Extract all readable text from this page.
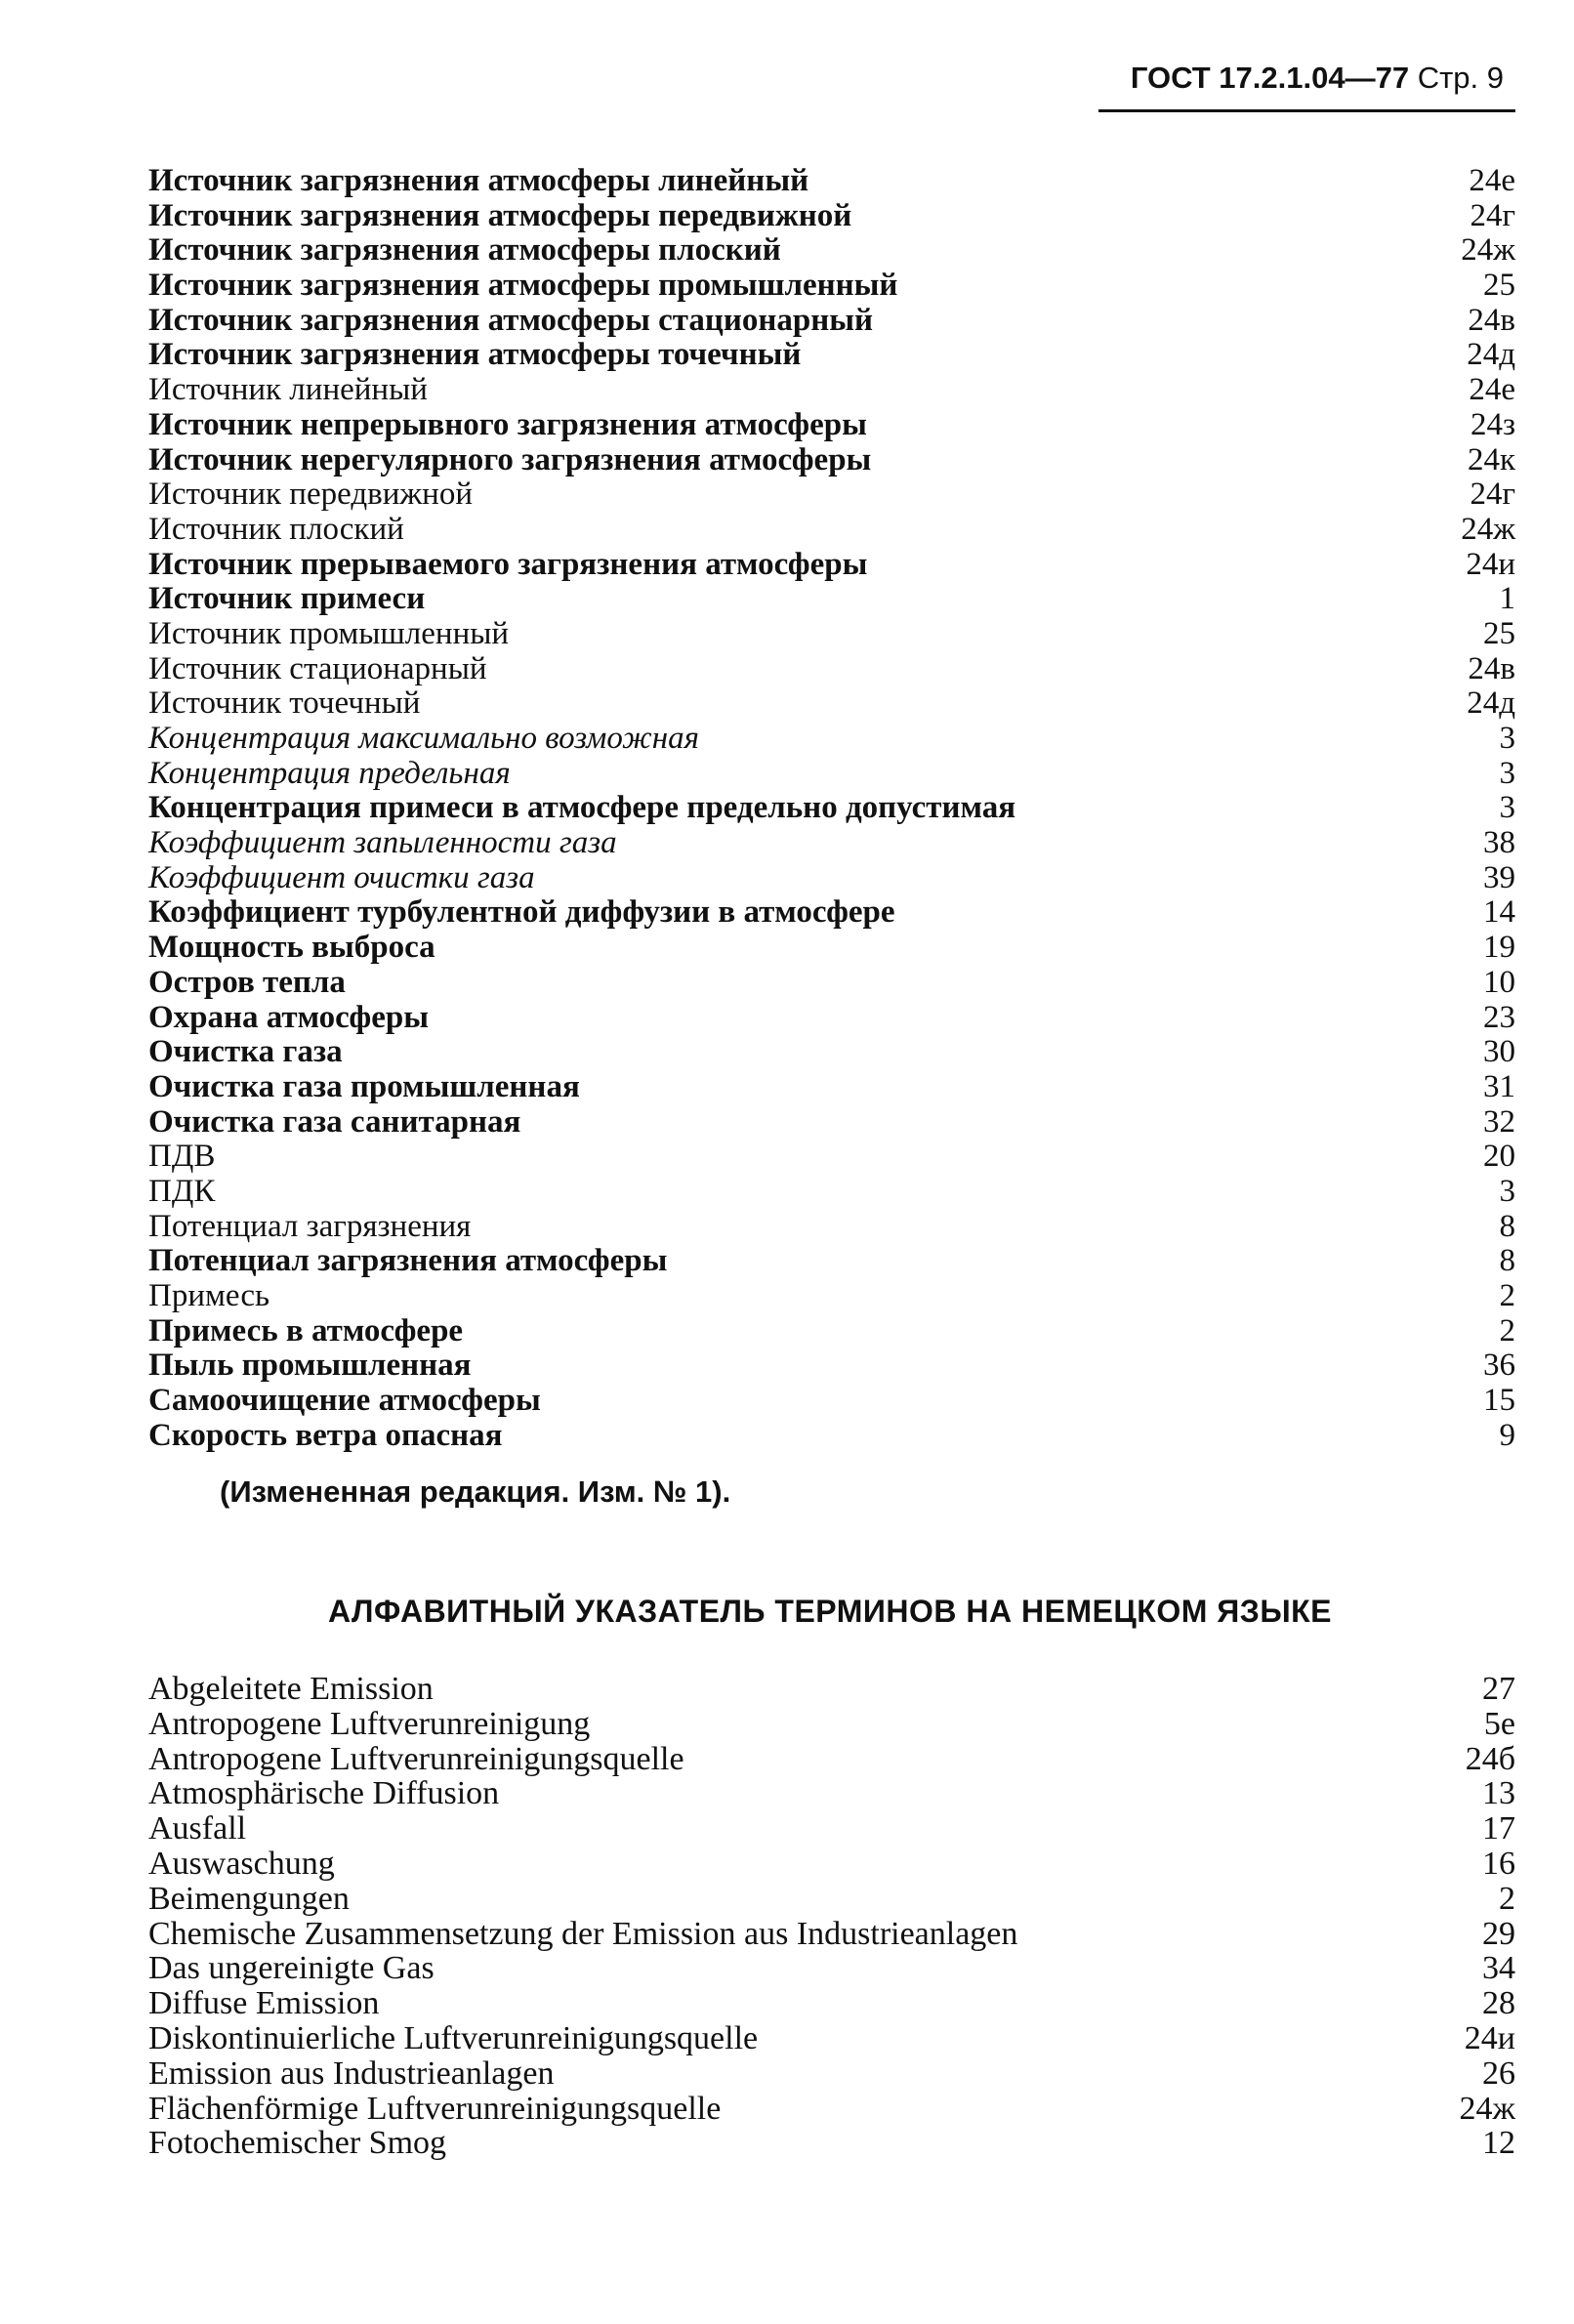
ГОСТ 17.2.1.04—77 Стр. 9
Источник загрязнения атмосферы линейный	24е
Источник загрязнения атмосферы передвижной	24г
Источник загрязнения атмосферы плоский	24ж
Источник загрязнения атмосферы промышленный	25
Источник загрязнения атмосферы стационарный	24в
Источник загрязнения атмосферы точечный	24д
Источник линейный	24е
Источник непрерывного загрязнения атмосферы	24з
Источник нерегулярного загрязнения атмосферы	24к
Источник передвижной	24г
Источник плоский	24ж
Источник прерываемого загрязнения атмосферы	24и
Источник примеси	1
Источник промышленный	25
Источник стационарный	24в
Источник точечный	24д
Концентрация максимально возможная	3
Концентрация предельная	3
Концентрация примеси в атмосфере предельно допустимая	3
Коэффициент запыленности газа	38
Коэффициент очистки газа	39
Коэффициент турбулентной диффузии в атмосфере	14
Мощность выброса	19
Остров тепла	10
Охрана атмосферы	23
Очистка газа	30
Очистка газа промышленная	31
Очистка газа санитарная	32
ПДВ	20
ПДК	3
Потенциал загрязнения	8
Потенциал загрязнения атмосферы	8
Примесь	2
Примесь в атмосфере	2
Пыль промышленная	36
Самоочищение атмосферы	15
Скорость ветра опасная	9
(Измененная редакция. Изм. № 1).
АЛФАВИТНЫЙ УКАЗАТЕЛЬ ТЕРМИНОВ НА НЕМЕЦКОМ ЯЗЫКЕ
Abgeleitete Emission	27
Antropogene Luftverunreinigung	5е
Antropogene Luftverunreinigungsquelle	24б
Atmosphärische Diffusion	13
Ausfall	17
Auswaschung	16
Beimengungen	2
Chemische Zusammensetzung der Emission aus Industrieanlagen	29
Das ungereinigte Gas	34
Diffuse Emission	28
Diskontinuierliche Luftverunreinigungsquelle	24и
Emission aus Industrieanlagen	26
Flächenförmige Luftverunreinigungsquelle	24ж
Fotochemischer Smog	12
